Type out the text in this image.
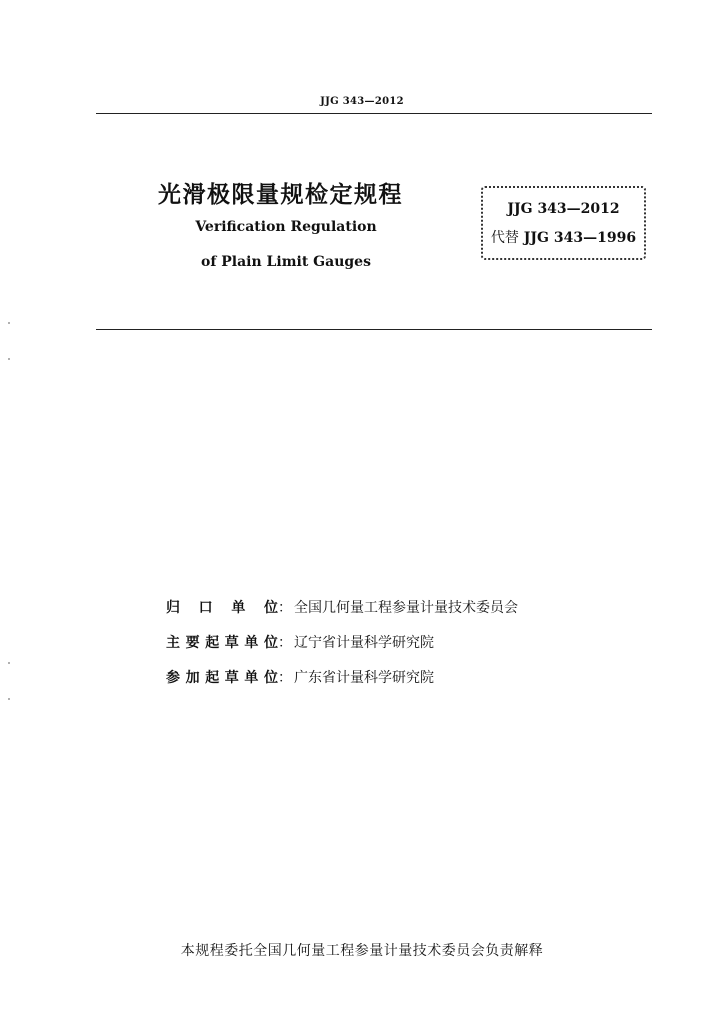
JJG 343—2012
光滑极限量规检定规程
Verification Regulation
of Plain Limit Gauges
JJG 343—2012
代替 JJG 343—1996
归口单位： 全国几何量工程参量计量技术委员会
主要起草单位： 辽宁省计量科学研究院
参加起草单位： 广东省计量科学研究院
本规程委托全国几何量工程参量计量技术委员会负责解释
